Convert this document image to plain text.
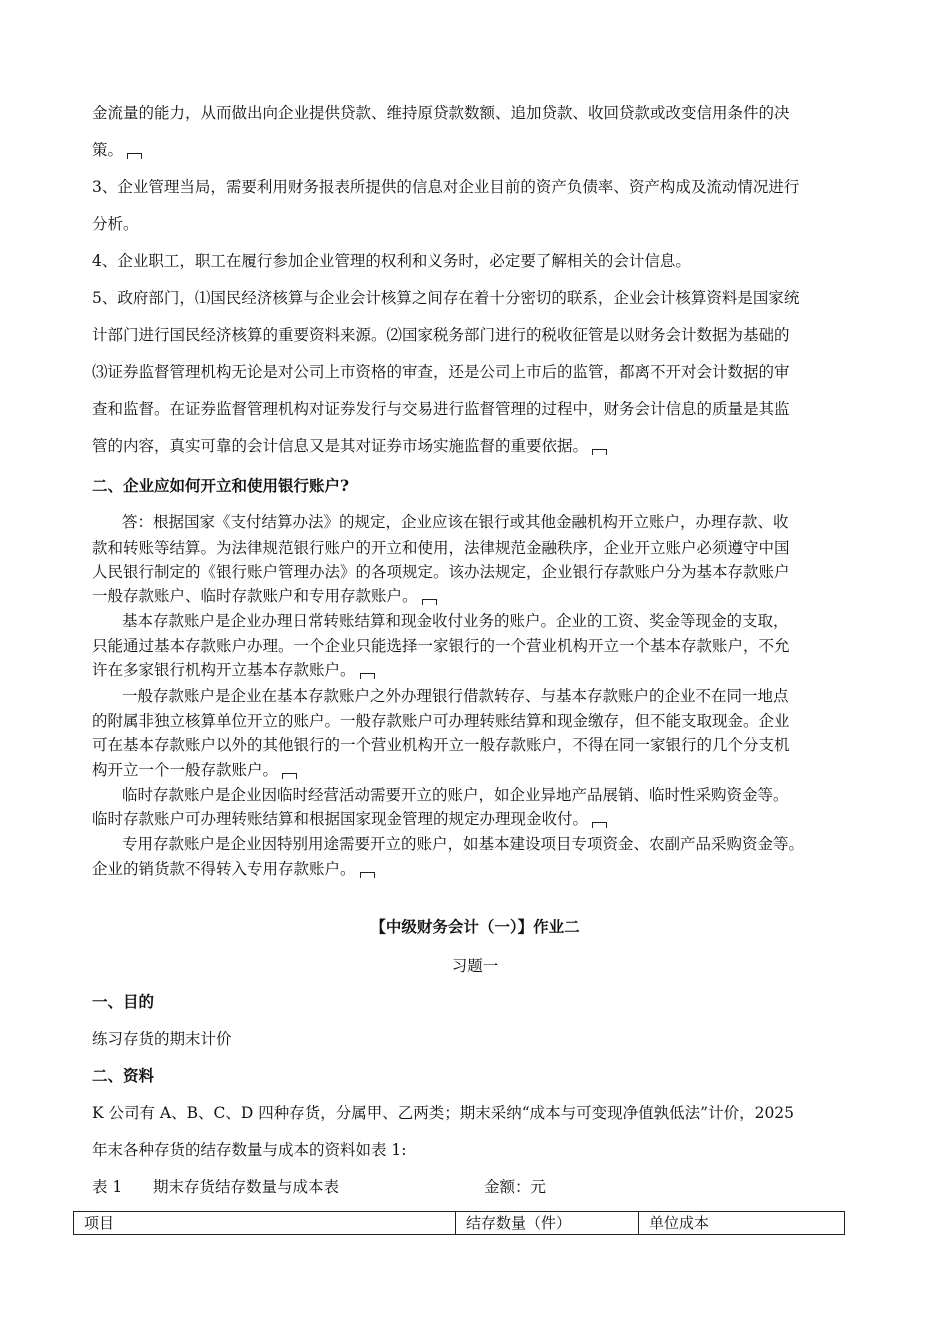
金流量的能力，从而做出向企业提供贷款、维持原贷款数额、追加贷款、收回贷款或改变信用条件的决
策。
3、企业管理当局，需要利用财务报表所提供的信息对企业目前的资产负债率、资产构成及流动情况进行
分析。
4、企业职工，职工在履行参加企业管理的权利和义务时，必定要了解相关的会计信息。
5、政府部门，⑴国民经济核算与企业会计核算之间存在着十分密切的联系，企业会计核算资料是国家统
计部门进行国民经济核算的重要资料来源。⑵国家税务部门进行的税收征管是以财务会计数据为基础的
⑶证券监督管理机构无论是对公司上市资格的审查，还是公司上市后的监管，都离不开对会计数据的审
查和监督。在证券监督管理机构对证券发行与交易进行监督管理的过程中，财务会计信息的质量是其监
管的内容，真实可靠的会计信息又是其对证券市场实施监督的重要依据。
二、企业应如何开立和使用银行账户?
答：根据国家《支付结算办法》的规定，企业应该在银行或其他金融机构开立账户，办理存款、收
款和转账等结算。为法律规范银行账户的开立和使用，法律规范金融秩序，企业开立账户必须遵守中国
人民银行制定的《银行账户管理办法》的各项规定。该办法规定，企业银行存款账户分为基本存款账户
一般存款账户、临时存款账户和专用存款账户。
基本存款账户是企业办理日常转账结算和现金收付业务的账户。企业的工资、奖金等现金的支取，
只能通过基本存款账户办理。一个企业只能选择一家银行的一个营业机构开立一个基本存款账户，不允
许在多家银行机构开立基本存款账户。
一般存款账户是企业在基本存款账户之外办理银行借款转存、与基本存款账户的企业不在同一地点
的附属非独立核算单位开立的账户。一般存款账户可办理转账结算和现金缴存，但不能支取现金。企业
可在基本存款账户以外的其他银行的一个营业机构开立一般存款账户，不得在同一家银行的几个分支机
构开立一个一般存款账户。
临时存款账户是企业因临时经营活动需要开立的账户，如企业异地产品展销、临时性采购资金等。
临时存款账户可办理转账结算和根据国家现金管理的规定办理现金收付。
专用存款账户是企业因特别用途需要开立的账户，如基本建设项目专项资金、农副产品采购资金等。
企业的销货款不得转入专用存款账户。
【中级财务会计（一）】作业二
习题一
一、目的
练习存货的期末计价
二、资料
K 公司有 A、B、C、D 四种存货，分属甲、乙两类；期末采纳“成本与可变现净值孰低法”计价，2025
年末各种存货的结存数量与成本的资料如表 1:
表 1	期末存货结存数量与成本表	金额：元
项目	结存数量（件）	单位成本
